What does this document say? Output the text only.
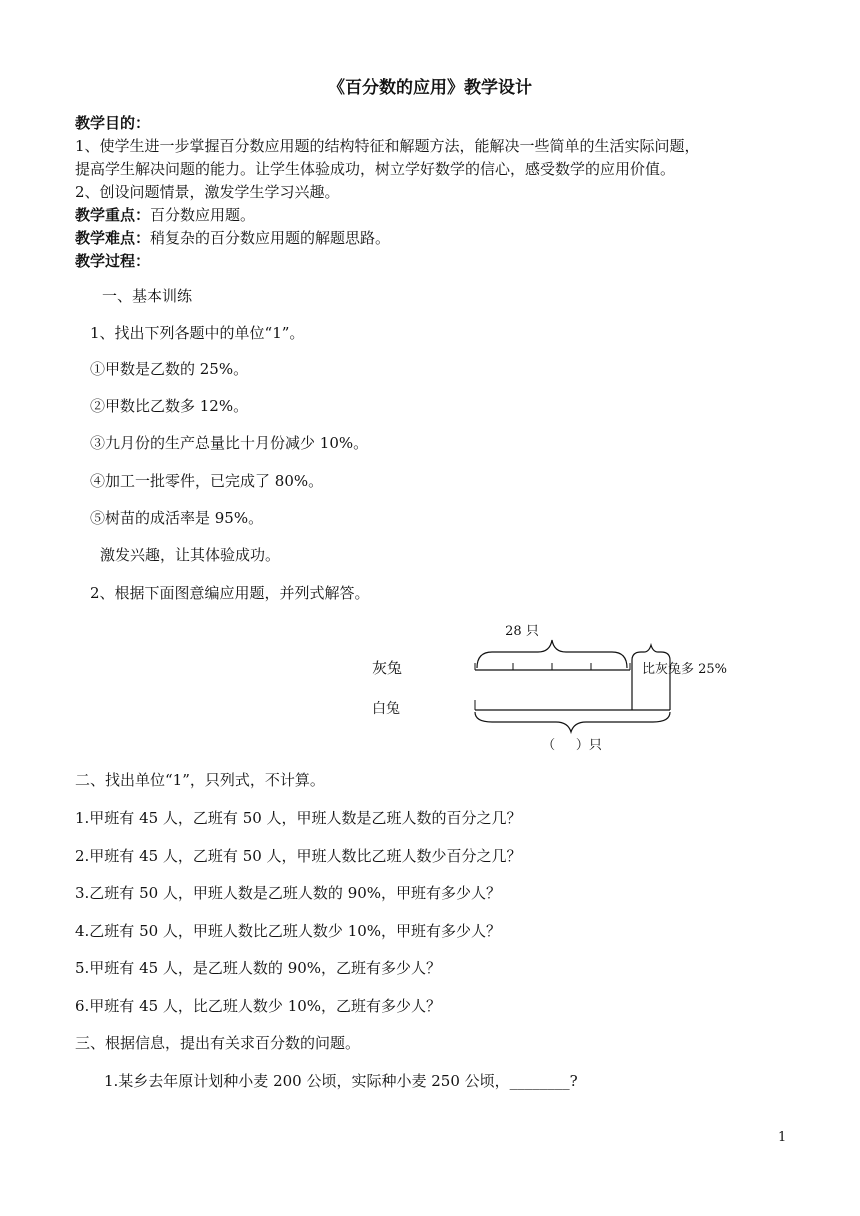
《百分数的应用》教学设计
教学目的：
1、使学生进一步掌握百分数应用题的结构特征和解题方法，能解决一些简单的生活实际问题，
提高学生解决问题的能力。让学生体验成功，树立学好数学的信心，感受数学的应用价值。
2、创设问题情景，激发学生学习兴趣。
教学重点：百分数应用题。
教学难点：稍复杂的百分数应用题的解题思路。
教学过程：
一、基本训练
1、找出下列各题中的单位“1”。
①甲数是乙数的 25%。
②甲数比乙数多 12%。
③九月份的生产总量比十月份减少 10%。
④加工一批零件，已完成了 80%。
⑤树苗的成活率是 95%。
激发兴趣，让其体验成功。
2、根据下面图意编应用题，并列式解答。
28 只
灰兔	比灰兔多 25%
白兔
（     ）只
二、找出单位“1”，只列式，不计算。
1.甲班有 45 人，乙班有 50 人，甲班人数是乙班人数的百分之几？
2.甲班有 45 人，乙班有 50 人，甲班人数比乙班人数少百分之几？
3.乙班有 50 人，甲班人数是乙班人数的 90%，甲班有多少人？
4.乙班有 50 人，甲班人数比乙班人数少 10%，甲班有多少人？
5.甲班有 45 人，是乙班人数的 90%，乙班有多少人？
6.甲班有 45 人，比乙班人数少 10%，乙班有多少人？
三、根据信息，提出有关求百分数的问题。
1.某乡去年原计划种小麦 200 公顷，实际种小麦 250 公顷，________?
1
